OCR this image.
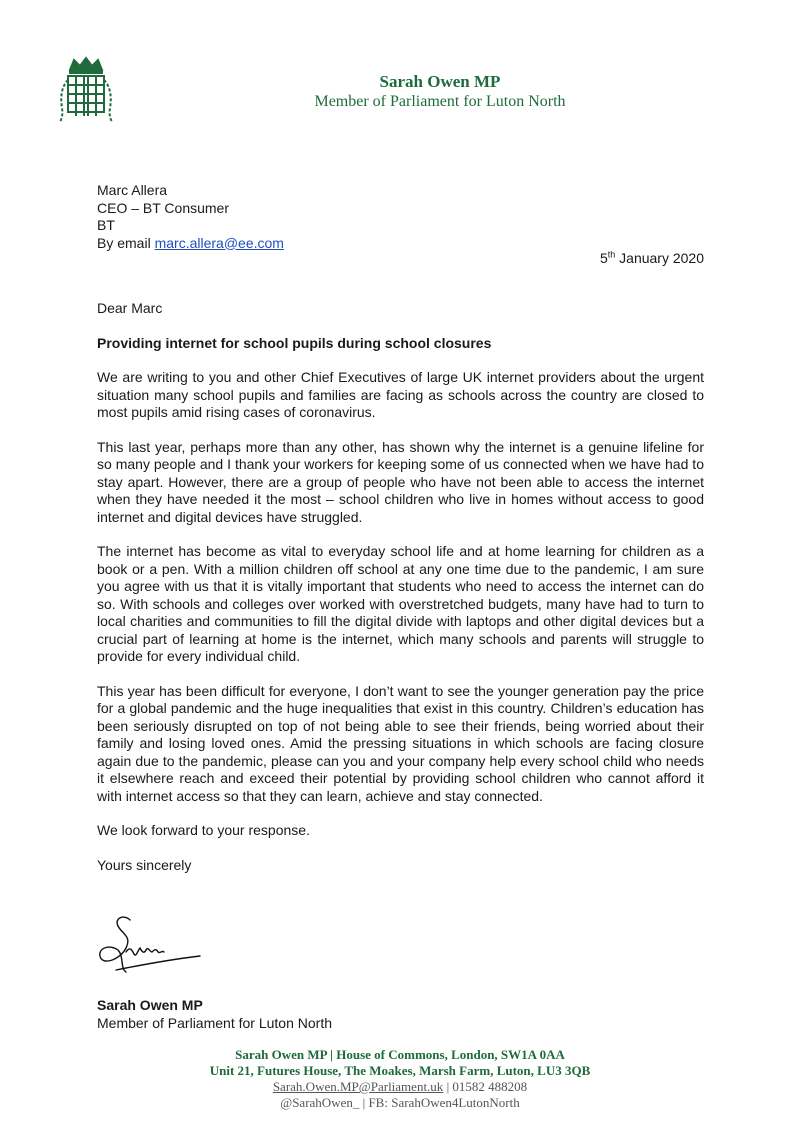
Sarah Owen MP
Member of Parliament for Luton North
Marc Allera
CEO – BT Consumer
BT
By email marc.allera@ee.com
5th January 2020

Dear Marc

Providing internet for school pupils during school closures

We are writing to you and other Chief Executives of large UK internet providers about the urgent situation many school pupils and families are facing as schools across the country are closed to most pupils amid rising cases of coronavirus.

This last year, perhaps more than any other, has shown why the internet is a genuine lifeline for so many people and I thank your workers for keeping some of us connected when we have had to stay apart. However, there are a group of people who have not been able to access the internet when they have needed it the most – school children who live in homes without access to good internet and digital devices have struggled.

The internet has become as vital to everyday school life and at home learning for children as a book or a pen. With a million children off school at any one time due to the pandemic, I am sure you agree with us that it is vitally important that students who need to access the internet can do so. With schools and colleges over worked with overstretched budgets, many have had to turn to local charities and communities to fill the digital divide with laptops and other digital devices but a crucial part of learning at home is the internet, which many schools and parents will struggle to provide for every individual child.

This year has been difficult for everyone, I don’t want to see the younger generation pay the price for a global pandemic and the huge inequalities that exist in this country. Children’s education has been seriously disrupted on top of not being able to see their friends, being worried about their family and losing loved ones. Amid the pressing situations in which schools are facing closure again due to the pandemic, please can you and your company help every school child who needs it elsewhere reach and exceed their potential by providing school children who cannot afford it with internet access so that they can learn, achieve and stay connected.

We look forward to your response.

Yours sincerely

Sarah Owen MP
Member of Parliament for Luton North
Sarah Owen MP | House of Commons, London, SW1A 0AA
Unit 21, Futures House, The Moakes, Marsh Farm, Luton, LU3 3QB
Sarah.Owen.MP@Parliament.uk | 01582 488208
@SarahOwen_ | FB: SarahOwen4LutonNorth
